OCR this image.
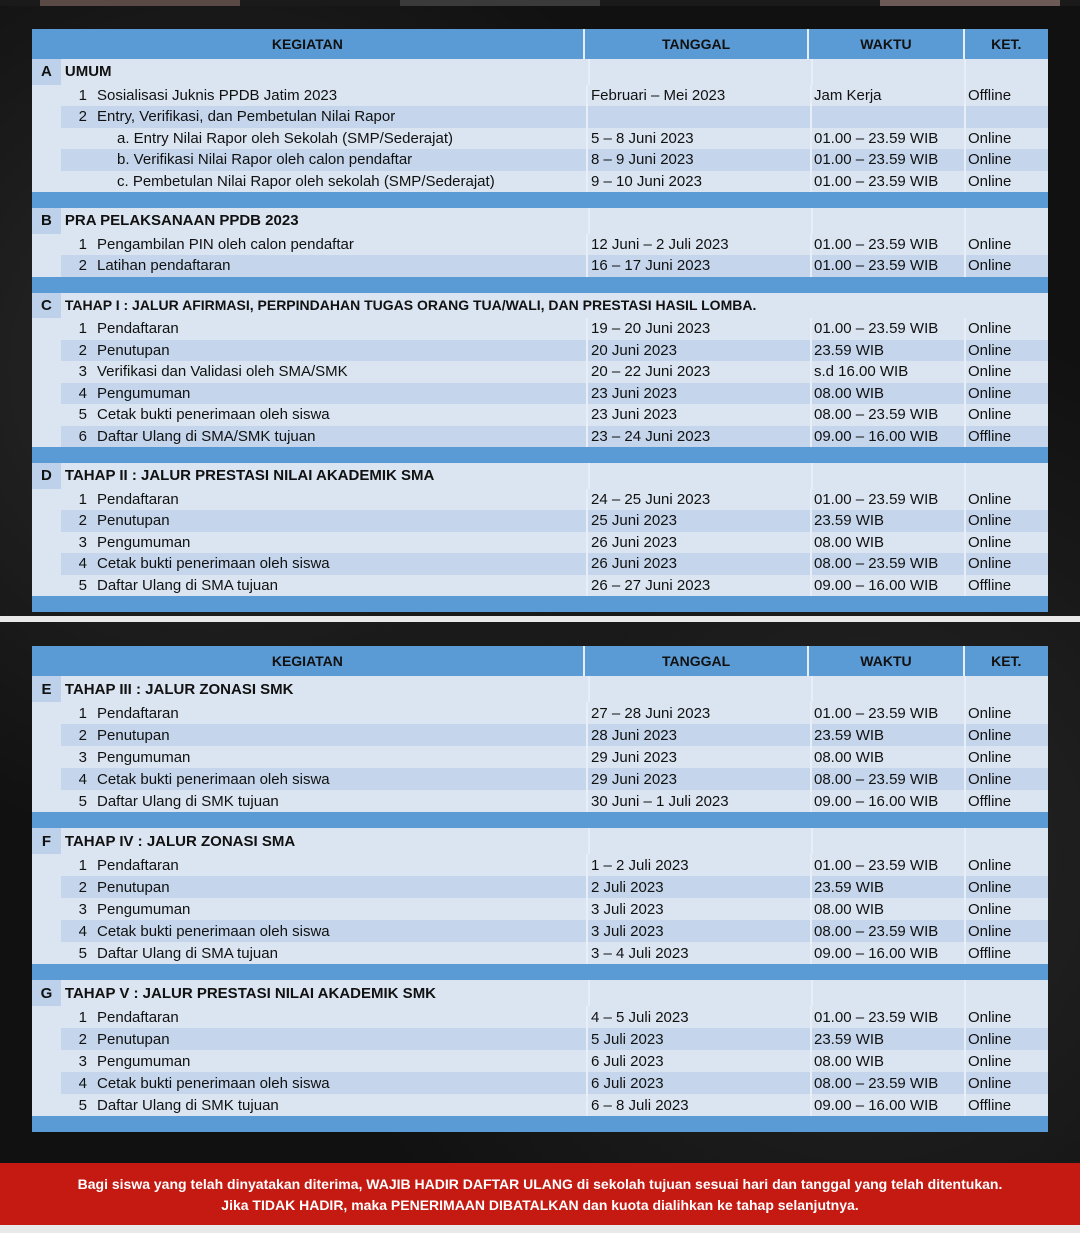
KEGIATAN	TANGGAL	WAKTU	KET.
A UMUM
1 Sosialisasi Juknis PPDB Jatim 2023	Februari – Mei 2023	Jam Kerja	Offline
2 Entry, Verifikasi, dan Pembetulan Nilai Rapor
a. Entry Nilai Rapor oleh Sekolah (SMP/Sederajat)	5 – 8 Juni 2023	01.00 – 23.59 WIB	Online
b. Verifikasi Nilai Rapor oleh calon pendaftar	8 – 9 Juni 2023	01.00 – 23.59 WIB	Online
c. Pembetulan Nilai Rapor oleh sekolah (SMP/Sederajat)	9 – 10 Juni 2023	01.00 – 23.59 WIB	Online
B PRA PELAKSANAAN PPDB 2023
1 Pengambilan PIN oleh calon pendaftar	12 Juni – 2 Juli 2023	01.00 – 23.59 WIB	Online
2 Latihan pendaftaran	16 – 17 Juni 2023	01.00 – 23.59 WIB	Online
C TAHAP I : JALUR AFIRMASI, PERPINDAHAN TUGAS ORANG TUA/WALI, DAN PRESTASI HASIL LOMBA.
1 Pendaftaran	19 – 20 Juni 2023	01.00 – 23.59 WIB	Online
2 Penutupan	20 Juni 2023	23.59 WIB	Online
3 Verifikasi dan Validasi oleh SMA/SMK	20 – 22 Juni 2023	s.d 16.00 WIB	Online
4 Pengumuman	23 Juni 2023	08.00 WIB	Online
5 Cetak bukti penerimaan oleh siswa	23 Juni 2023	08.00 – 23.59 WIB	Online
6 Daftar Ulang di SMA/SMK tujuan	23 – 24 Juni 2023	09.00 – 16.00 WIB	Offline
D TAHAP II : JALUR PRESTASI NILAI AKADEMIK SMA
1 Pendaftaran	24 – 25 Juni 2023	01.00 – 23.59 WIB	Online
2 Penutupan	25 Juni 2023	23.59 WIB	Online
3 Pengumuman	26 Juni 2023	08.00 WIB	Online
4 Cetak bukti penerimaan oleh siswa	26 Juni 2023	08.00 – 23.59 WIB	Online
5 Daftar Ulang di SMA tujuan	26 – 27 Juni 2023	09.00 – 16.00 WIB	Offline
KEGIATAN	TANGGAL	WAKTU	KET.
E TAHAP III : JALUR ZONASI SMK
1 Pendaftaran	27 – 28 Juni 2023	01.00 – 23.59 WIB	Online
2 Penutupan	28 Juni 2023	23.59 WIB	Online
3 Pengumuman	29 Juni 2023	08.00 WIB	Online
4 Cetak bukti penerimaan oleh siswa	29 Juni 2023	08.00 – 23.59 WIB	Online
5 Daftar Ulang di SMK tujuan	30 Juni – 1 Juli 2023	09.00 – 16.00 WIB	Offline
F TAHAP IV : JALUR ZONASI SMA
1 Pendaftaran	1 – 2 Juli 2023	01.00 – 23.59 WIB	Online
2 Penutupan	2 Juli 2023	23.59 WIB	Online
3 Pengumuman	3 Juli 2023	08.00 WIB	Online
4 Cetak bukti penerimaan oleh siswa	3 Juli 2023	08.00 – 23.59 WIB	Online
5 Daftar Ulang di SMA tujuan	3 – 4 Juli 2023	09.00 – 16.00 WIB	Offline
G TAHAP V : JALUR PRESTASI NILAI AKADEMIK SMK
1 Pendaftaran	4 – 5 Juli 2023	01.00 – 23.59 WIB	Online
2 Penutupan	5 Juli 2023	23.59 WIB	Online
3 Pengumuman	6 Juli 2023	08.00 WIB	Online
4 Cetak bukti penerimaan oleh siswa	6 Juli 2023	08.00 – 23.59 WIB	Online
5 Daftar Ulang di SMK tujuan	6 – 8 Juli 2023	09.00 – 16.00 WIB	Offline
Bagi siswa yang telah dinyatakan diterima, WAJIB HADIR DAFTAR ULANG di sekolah tujuan sesuai hari dan tanggal yang telah ditentukan.
Jika TIDAK HADIR, maka PENERIMAAN DIBATALKAN dan kuota dialihkan ke tahap selanjutnya.
